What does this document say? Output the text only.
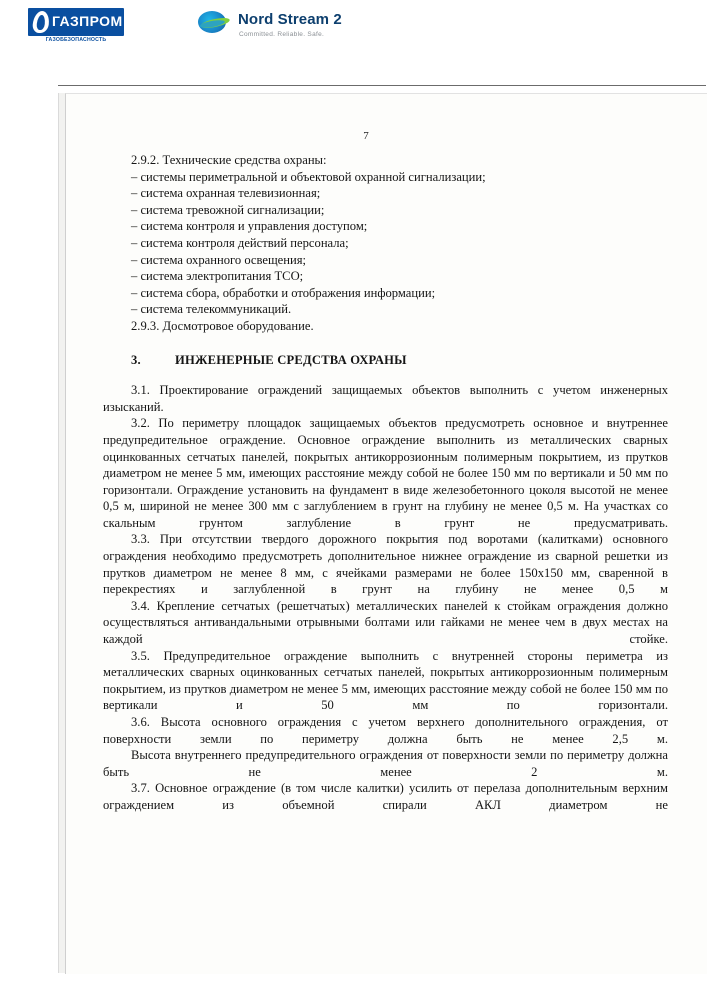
ГАЗПРОМ
ГАЗОБЕЗОПАСНОСТЬ
Nord Stream 2
Committed. Reliable. Safe.
7

2.9.2. Технические средства охраны:

– системы периметральной и объектовой охранной сигнализации;

– система охранная телевизионная;

– система тревожной сигнализации;

– система контроля и управления доступом;

– система контроля действий персонала;

– система охранного освещения;

– система электропитания ТСО;

– система сбора, обработки и отображения информации;

– система телекоммуникаций.

2.9.3. Досмотровое оборудование.

3.	ИНЖЕНЕРНЫЕ СРЕДСТВА ОХРАНЫ

3.1. Проектирование ограждений защищаемых объектов выполнить с учетом инженерных изысканий.

3.2. По периметру площадок защищаемых объектов предусмотреть основное и внутреннее предупредительное ограждение. Основное ограждение выполнить из металлических сварных оцинкованных сетчатых панелей, покрытых антикоррозионным полимерным покрытием, из прутков диаметром не менее 5 мм, имеющих расстояние между собой не более 150 мм по вертикали и 50 мм по горизонтали. Ограждение установить на фундамент в виде железобетонного цоколя высотой не менее 0,5 м, шириной не менее 300 мм с заглублением в грунт на глубину не менее 0,5 м. На участках со скальным грунтом заглубление в грунт не предусматривать.

3.3. При отсутствии твердого дорожного покрытия под воротами (калитками) основного ограждения необходимо предусмотреть дополнительное нижнее ограждение из сварной решетки из прутков диаметром не менее 8 мм, с ячейками размерами не более 150х150 мм, сваренной в перекрестиях и заглубленной в грунт на глубину не менее 0,5 м

3.4. Крепление сетчатых (решетчатых) металлических панелей к стойкам ограждения должно осуществляться антивандальными отрывными болтами или гайками не менее чем в двух местах на каждой стойке.

3.5. Предупредительное ограждение выполнить с внутренней стороны периметра из металлических сварных оцинкованных сетчатых панелей, покрытых антикоррозионным полимерным покрытием, из прутков диаметром не менее 5 мм, имеющих расстояние между собой не более 150 мм по вертикали и 50 мм по горизонтали.

3.6. Высота основного ограждения с учетом верхнего дополнительного ограждения, от поверхности земли по периметру должна быть не менее 2,5 м.

Высота внутреннего предупредительного ограждения от поверхности земли по периметру должна быть не менее 2 м.

3.7. Основное ограждение (в том числе калитки) усилить от перелаза дополнительным верхним ограждением из объемной спирали АКЛ диаметром не
